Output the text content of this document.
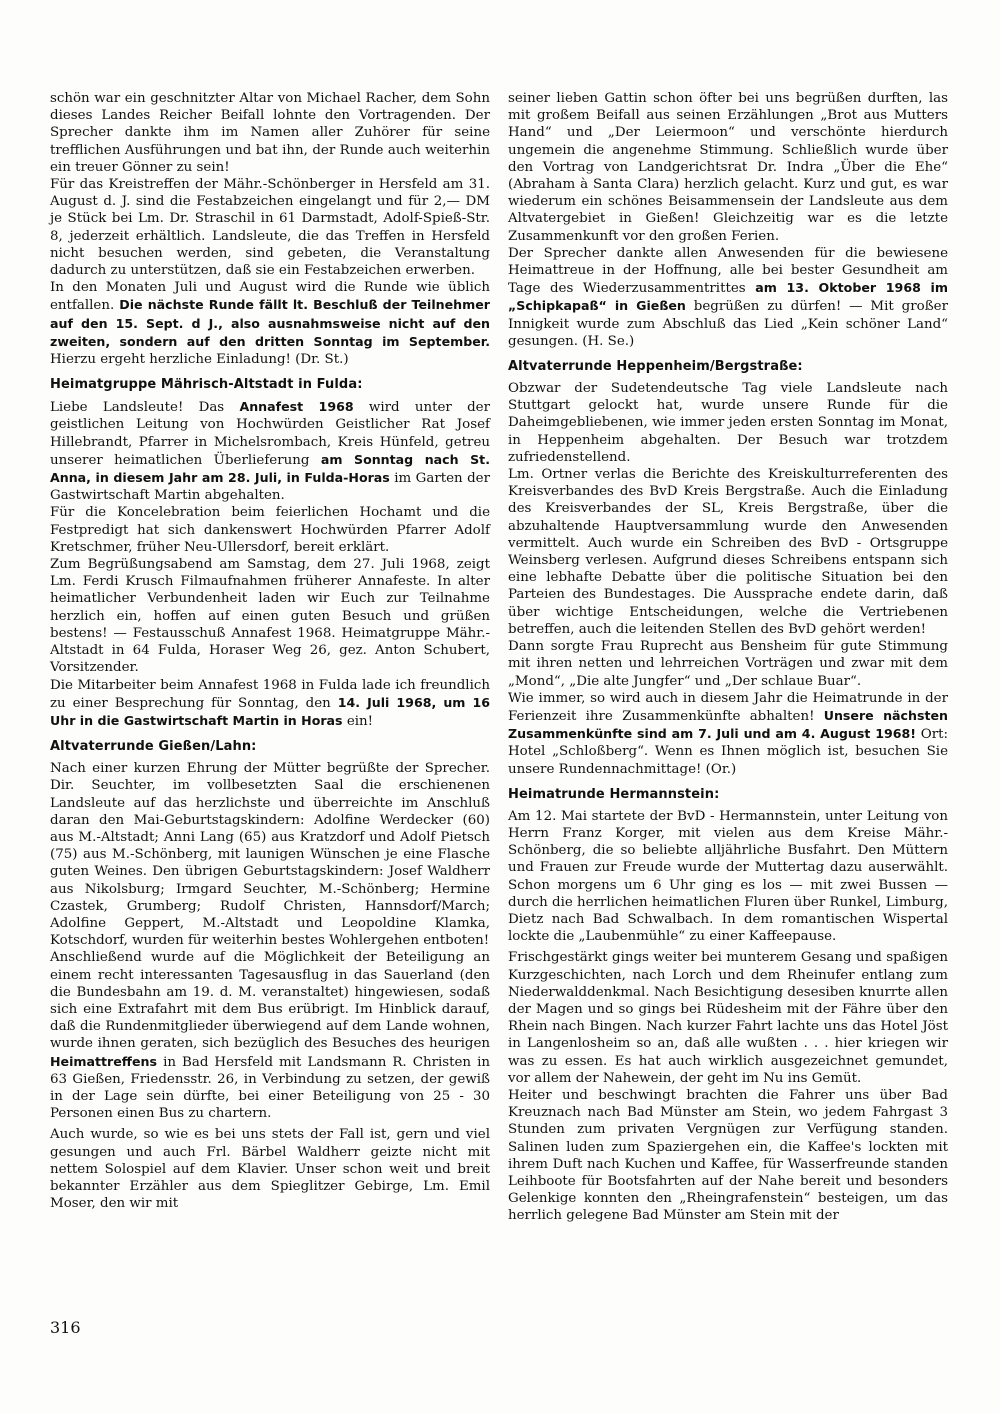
schön war ein geschnitzter Altar von Michael Racher, dem Sohn dieses Landes Reicher Beifall lohnte den Vortragenden. Der Sprecher dankte ihm im Namen aller Zuhörer für seine trefflichen Ausführungen und bat ihn, der Runde auch weiterhin ein treuer Gönner zu sein!

Für das Kreistreffen der Mähr.-Schönberger in Hersfeld am 31. August d. J. sind die Festabzeichen eingelangt und für 2,— DM je Stück bei Lm. Dr. Straschil in 61 Darmstadt, Adolf-Spieß-Str. 8, jederzeit erhältlich. Landsleute, die das Treffen in Hersfeld nicht besuchen werden, sind gebeten, die Veranstaltung dadurch zu unterstützen, daß sie ein Festabzeichen erwerben.

In den Monaten Juli und August wird die Runde wie üblich entfallen. Die nächste Runde fällt lt. Beschluß der Teilnehmer auf den 15. Sept. d J., also ausnahmsweise nicht auf den zweiten, sondern auf den dritten Sonntag im September. Hierzu ergeht herzliche Einladung! (Dr. St.)

Heimatgruppe Mährisch-Altstadt in Fulda:

Liebe Landsleute! Das Annafest 1968 wird unter der geistlichen Leitung von Hochwürden Geistlicher Rat Josef Hillebrandt, Pfarrer in Michelsrombach, Kreis Hünfeld, getreu unserer heimatlichen Überlieferung am Sonntag nach St. Anna, in diesem Jahr am 28. Juli, in Fulda-Horas im Garten der Gastwirtschaft Martin abgehalten.

Für die Koncelebration beim feierlichen Hochamt und die Festpredigt hat sich dankenswert Hochwürden Pfarrer Adolf Kretschmer, früher Neu-Ullersdorf, bereit erklärt.

Zum Begrüßungsabend am Samstag, dem 27. Juli 1968, zeigt Lm. Ferdi Krusch Filmaufnahmen früherer Annafeste. In alter heimatlicher Verbundenheit laden wir Euch zur Teilnahme herzlich ein, hoffen auf einen guten Besuch und grüßen bestens! — Festausschuß Annafest 1968. Heimatgruppe Mähr.-Altstadt in 64 Fulda, Horaser Weg 26, gez. Anton Schubert, Vorsitzender.

Die Mitarbeiter beim Annafest 1968 in Fulda lade ich freundlich zu einer Besprechung für Sonntag, den 14. Juli 1968, um 16 Uhr in die Gastwirtschaft Martin in Horas ein!

Altvaterrunde Gießen/Lahn:

Nach einer kurzen Ehrung der Mütter begrüßte der Sprecher. Dir. Seuchter, im vollbesetzten Saal die erschienenen Landsleute auf das herzlichste und überreichte im Anschluß daran den Mai-Geburtstagskindern: Adolfine Werdecker (60) aus M.-Altstadt; Anni Lang (65) aus Kratzdorf und Adolf Pietsch (75) aus M.-Schönberg, mit launigen Wünschen je eine Flasche guten Weines. Den übrigen Geburtstagskindern: Josef Waldherr aus Nikolsburg; Irmgard Seuchter, M.-Schönberg; Hermine Czastek, Grumberg; Rudolf Christen, Hannsdorf/March; Adolfine Geppert, M.-Altstadt und Leopoldine Klamka, Kotschdorf, wurden für weiterhin bestes Wohlergehen entboten!

Anschließend wurde auf die Möglichkeit der Beteiligung an einem recht interessanten Tagesausflug in das Sauerland (den die Bundesbahn am 19. d. M. veranstaltet) hingewiesen, sodaß sich eine Extrafahrt mit dem Bus erübrigt. Im Hinblick darauf, daß die Rundenmitglieder überwiegend auf dem Lande wohnen, wurde ihnen geraten, sich bezüglich des Besuches des heurigen Heimattreffens in Bad Hersfeld mit Landsmann R. Christen in 63 Gießen, Friedensstr. 26, in Verbindung zu setzen, der gewiß in der Lage sein dürfte, bei einer Beteiligung von 25 - 30 Personen einen Bus zu chartern.

Auch wurde, so wie es bei uns stets der Fall ist, gern und viel gesungen und auch Frl. Bärbel Waldherr geizte nicht mit nettem Solospiel auf dem Klavier. Unser schon weit und breit bekannter Erzähler aus dem Spieglitzer Gebirge, Lm. Emil Moser, den wir mit

seiner lieben Gattin schon öfter bei uns begrüßen durften, las mit großem Beifall aus seinen Erzählungen „Brot aus Mutters Hand“ und „Der Leiermoon“ und verschönte hierdurch ungemein die angenehme Stimmung. Schließlich wurde über den Vortrag von Landgerichtsrat Dr. Indra „Über die Ehe“ (Abraham à Santa Clara) herzlich gelacht. Kurz und gut, es war wiederum ein schönes Beisammensein der Landsleute aus dem Altvatergebiet in Gießen! Gleichzeitig war es die letzte Zusammenkunft vor den großen Ferien.

Der Sprecher dankte allen Anwesenden für die bewiesene Heimattreue in der Hoffnung, alle bei bester Gesundheit am Tage des Wiederzusammentrittes am 13. Oktober 1968 im „Schipkapaß“ in Gießen begrüßen zu dürfen! — Mit großer Innigkeit wurde zum Abschluß das Lied „Kein schöner Land“ gesungen. (H. Se.)

Altvaterrunde Heppenheim/Bergstraße:

Obzwar der Sudetendeutsche Tag viele Landsleute nach Stuttgart gelockt hat, wurde unsere Runde für die Daheimgebliebenen, wie immer jeden ersten Sonntag im Monat, in Heppenheim abgehalten. Der Besuch war trotzdem zufriedenstellend.

Lm. Ortner verlas die Berichte des Kreiskulturreferenten des Kreisverbandes des BvD Kreis Bergstraße. Auch die Einladung des Kreisverbandes der SL, Kreis Bergstraße, über die abzuhaltende Hauptversammlung wurde den Anwesenden vermittelt. Auch wurde ein Schreiben des BvD - Ortsgruppe Weinsberg verlesen. Aufgrund dieses Schreibens entspann sich eine lebhafte Debatte über die politische Situation bei den Parteien des Bundestages. Die Aussprache endete darin, daß über wichtige Entscheidungen, welche die Vertriebenen betreffen, auch die leitenden Stellen des BvD gehört werden!

Dann sorgte Frau Ruprecht aus Bensheim für gute Stimmung mit ihren netten und lehrreichen Vorträgen und zwar mit dem „Mond“, „Die alte Jungfer“ und „Der schlaue Buar“.

Wie immer, so wird auch in diesem Jahr die Heimatrunde in der Ferienzeit ihre Zusammenkünfte abhalten! Unsere nächsten Zusammenkünfte sind am 7. Juli und am 4. August 1968! Ort: Hotel „Schloßberg“. Wenn es Ihnen möglich ist, besuchen Sie unsere Rundennachmittage! (Or.)

Heimatrunde Hermannstein:

Am 12. Mai startete der BvD - Hermannstein, unter Leitung von Herrn Franz Korger, mit vielen aus dem Kreise Mähr.-Schönberg, die so beliebte alljährliche Busfahrt. Den Müttern und Frauen zur Freude wurde der Muttertag dazu auserwählt. Schon morgens um 6 Uhr ging es los — mit zwei Bussen — durch die herrlichen heimatlichen Fluren über Runkel, Limburg, Dietz nach Bad Schwalbach. In dem romantischen Wispertal lockte die „Laubenmühle“ zu einer Kaffeepause.

Frischgestärkt gings weiter bei munterem Gesang und spaßigen Kurzgeschichten, nach Lorch und dem Rheinufer entlang zum Niederwalddenkmal. Nach Besichtigung desesiben knurrte allen der Magen und so gings bei Rüdesheim mit der Fähre über den Rhein nach Bingen. Nach kurzer Fahrt lachte uns das Hotel Jöst in Langenlosheim so an, daß alle wußten . . . hier kriegen wir was zu essen. Es hat auch wirklich ausgezeichnet gemundet, vor allem der Nahewein, der geht im Nu ins Gemüt.

Heiter und beschwingt brachten die Fahrer uns über Bad Kreuznach nach Bad Münster am Stein, wo jedem Fahrgast 3 Stunden zum privaten Vergnügen zur Verfügung standen. Salinen luden zum Spaziergehen ein, die Kaffee's lockten mit ihrem Duft nach Kuchen und Kaffee, für Wasserfreunde standen Leihboote für Bootsfahrten auf der Nahe bereit und besonders Gelenkige konnten den „Rheingrafenstein“ besteigen, um das herrlich gelegene Bad Münster am Stein mit der

316
